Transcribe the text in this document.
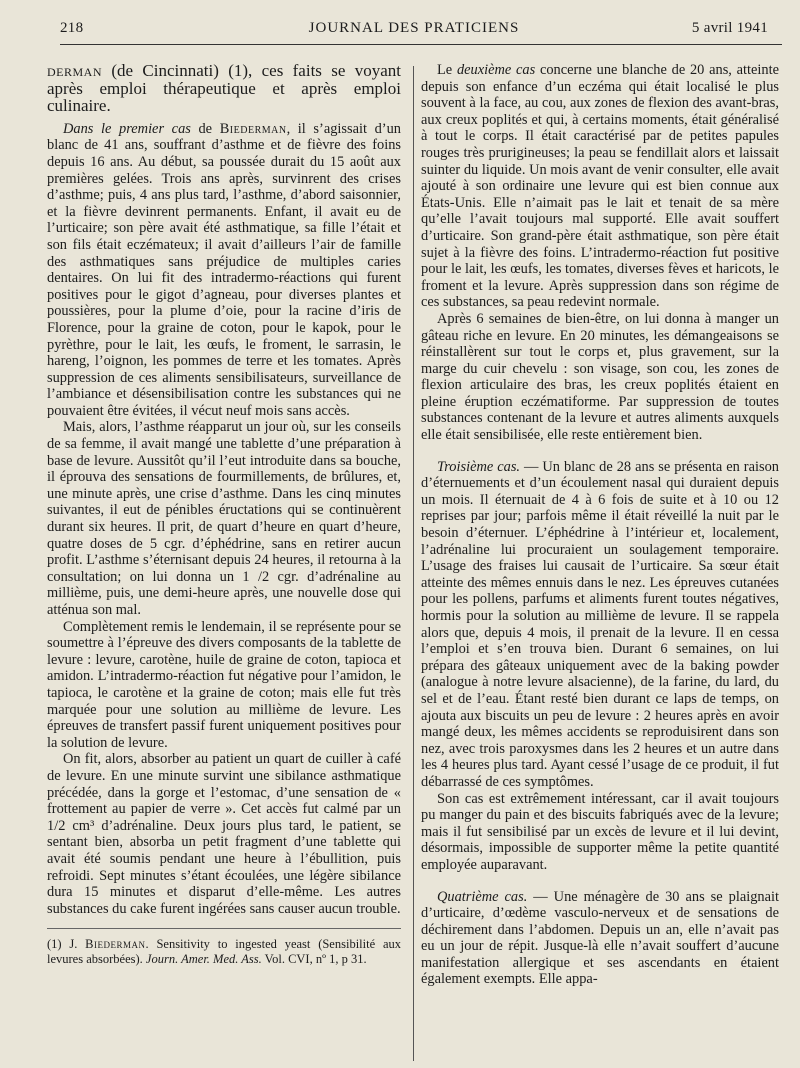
218	JOURNAL DES PRATICIENS	5 avril 1941

derman (de Cincinnati) (1), ces faits se voyant après emploi thérapeutique et après emploi culinaire.

Dans le premier cas de Biederman, il s’agissait d’un blanc de 41 ans, souffrant d’asthme et de fièvre des foins depuis 16 ans. Au début, sa poussée durait du 15 août aux premières gelées. Trois ans après, survinrent des crises d’asthme; puis, 4 ans plus tard, l’asthme, d’abord saisonnier, et la fièvre devinrent permanents. Enfant, il avait eu de l’urticaire; son père avait été asthmatique, sa fille l’était et son fils était eczémateux; il avait d’ailleurs l’air de famille des asthmatiques sans préjudice de multiples caries dentaires. On lui fit des intradermo-réactions qui furent positives pour le gigot d’agneau, pour diverses plantes et poussières, pour la plume d’oie, pour la racine d’iris de Florence, pour la graine de coton, pour le kapok, pour le pyrèthre, pour le lait, les œufs, le froment, le sarrasin, le hareng, l’oignon, les pommes de terre et les tomates. Après suppression de ces aliments sensibilisateurs, surveillance de l’ambiance et désensibilisation contre les substances qui ne pouvaient être évitées, il vécut neuf mois sans accès.

Mais, alors, l’asthme réapparut un jour où, sur les conseils de sa femme, il avait mangé une tablette d’une préparation à base de levure. Aussitôt qu’il l’eut introduite dans sa bouche, il éprouva des sensations de fourmillements, de brûlures, et, une minute après, une crise d’asthme. Dans les cinq minutes suivantes, il eut de pénibles éructations qui se continuèrent durant six heures. Il prit, de quart d’heure en quart d’heure, quatre doses de 5 cgr. d’éphédrine, sans en retirer aucun profit. L’asthme s’éternisant depuis 24 heures, il retourna à la consultation; on lui donna un 1 /2 cgr. d’adrénaline au millième, puis, une demi-heure après, une nouvelle dose qui atténua son mal.

Complètement remis le lendemain, il se représente pour se soumettre à l’épreuve des divers composants de la tablette de levure : levure, carotène, huile de graine de coton, tapioca et amidon. L’intradermo-réaction fut négative pour l’amidon, le tapioca, le carotène et la graine de coton; mais elle fut très marquée pour une solution au millième de levure. Les épreuves de transfert passif furent uniquement positives pour la solution de levure.

On fit, alors, absorber au patient un quart de cuiller à café de levure. En une minute survint une sibilance asthmatique précédée, dans la gorge et l’estomac, d’une sensation de « frottement au papier de verre ». Cet accès fut calmé par un 1/2 cm³ d’adrénaline. Deux jours plus tard, le patient, se sentant bien, absorba un petit fragment d’une tablette qui avait été soumis pendant une heure à l’ébullition, puis refroidi. Sept minutes s’étant écoulées, une légère sibilance dura 15 minutes et disparut d’elle-même. Les autres substances du cake furent ingérées sans causer aucun trouble.

(1) J. Biederman. Sensitivity to ingested yeast (Sensibilité aux levures absorbées). Journ. Amer. Med. Ass. Vol. CVI, nº 1, p 31.

Le deuxième cas concerne une blanche de 20 ans, atteinte depuis son enfance d’un eczéma qui était localisé le plus souvent à la face, au cou, aux zones de flexion des avant-bras, aux creux poplités et qui, à certains moments, était généralisé à tout le corps. Il était caractérisé par de petites papules rouges très prurigineuses; la peau se fendillait alors et laissait suinter du liquide. Un mois avant de venir consulter, elle avait ajouté à son ordinaire une levure qui est bien connue aux États-Unis. Elle n’aimait pas le lait et tenait de sa mère qu’elle l’avait toujours mal supporté. Elle avait souffert d’urticaire. Son grand-père était asthmatique, son père était sujet à la fièvre des foins. L’intradermo-réaction fut positive pour le lait, les œufs, les tomates, diverses fèves et haricots, le froment et la levure. Après suppression dans son régime de ces substances, sa peau redevint normale.

Après 6 semaines de bien-être, on lui donna à manger un gâteau riche en levure. En 20 minutes, les démangeaisons se réinstallèrent sur tout le corps et, plus gravement, sur la marge du cuir chevelu : son visage, son cou, les zones de flexion articulaire des bras, les creux poplités étaient en pleine éruption eczématiforme. Par suppression de toutes substances contenant de la levure et autres aliments auxquels elle était sensibilisée, elle reste entièrement bien.

Troisième cas. — Un blanc de 28 ans se présenta en raison d’éternuements et d’un écoulement nasal qui duraient depuis un mois. Il éternuait de 4 à 6 fois de suite et à 10 ou 12 reprises par jour; parfois même il était réveillé la nuit par le besoin d’éternuer. L’éphédrine à l’intérieur et, localement, l’adrénaline lui procuraient un soulagement temporaire. L’usage des fraises lui causait de l’urticaire. Sa sœur était atteinte des mêmes ennuis dans le nez. Les épreuves cutanées pour les pollens, parfums et aliments furent toutes négatives, hormis pour la solution au millième de levure. Il se rappela alors que, depuis 4 mois, il prenait de la levure. Il en cessa l’emploi et s’en trouva bien. Durant 6 semaines, on lui prépara des gâteaux uniquement avec de la baking powder (analogue à notre levure alsacienne), de la farine, du lard, du sel et de l’eau. Étant resté bien durant ce laps de temps, on ajouta aux biscuits un peu de levure : 2 heures après en avoir mangé deux, les mêmes accidents se reproduisirent dans son nez, avec trois paroxysmes dans les 2 heures et un autre dans les 4 heures plus tard. Ayant cessé l’usage de ce produit, il fut débarrassé de ces symptômes.

Son cas est extrêmement intéressant, car il avait toujours pu manger du pain et des biscuits fabriqués avec de la levure; mais il fut sensibilisé par un excès de levure et il lui devint, désormais, impossible de supporter même la petite quantité employée auparavant.

Quatrième cas. — Une ménagère de 30 ans se plaignait d’urticaire, d’œdème vasculo-nerveux et de sensations de déchirement dans l’abdomen. Depuis un an, elle n’avait pas eu un jour de répit. Jusque-là elle n’avait souffert d’aucune manifestation allergique et ses ascendants en étaient également exempts. Elle appa-
